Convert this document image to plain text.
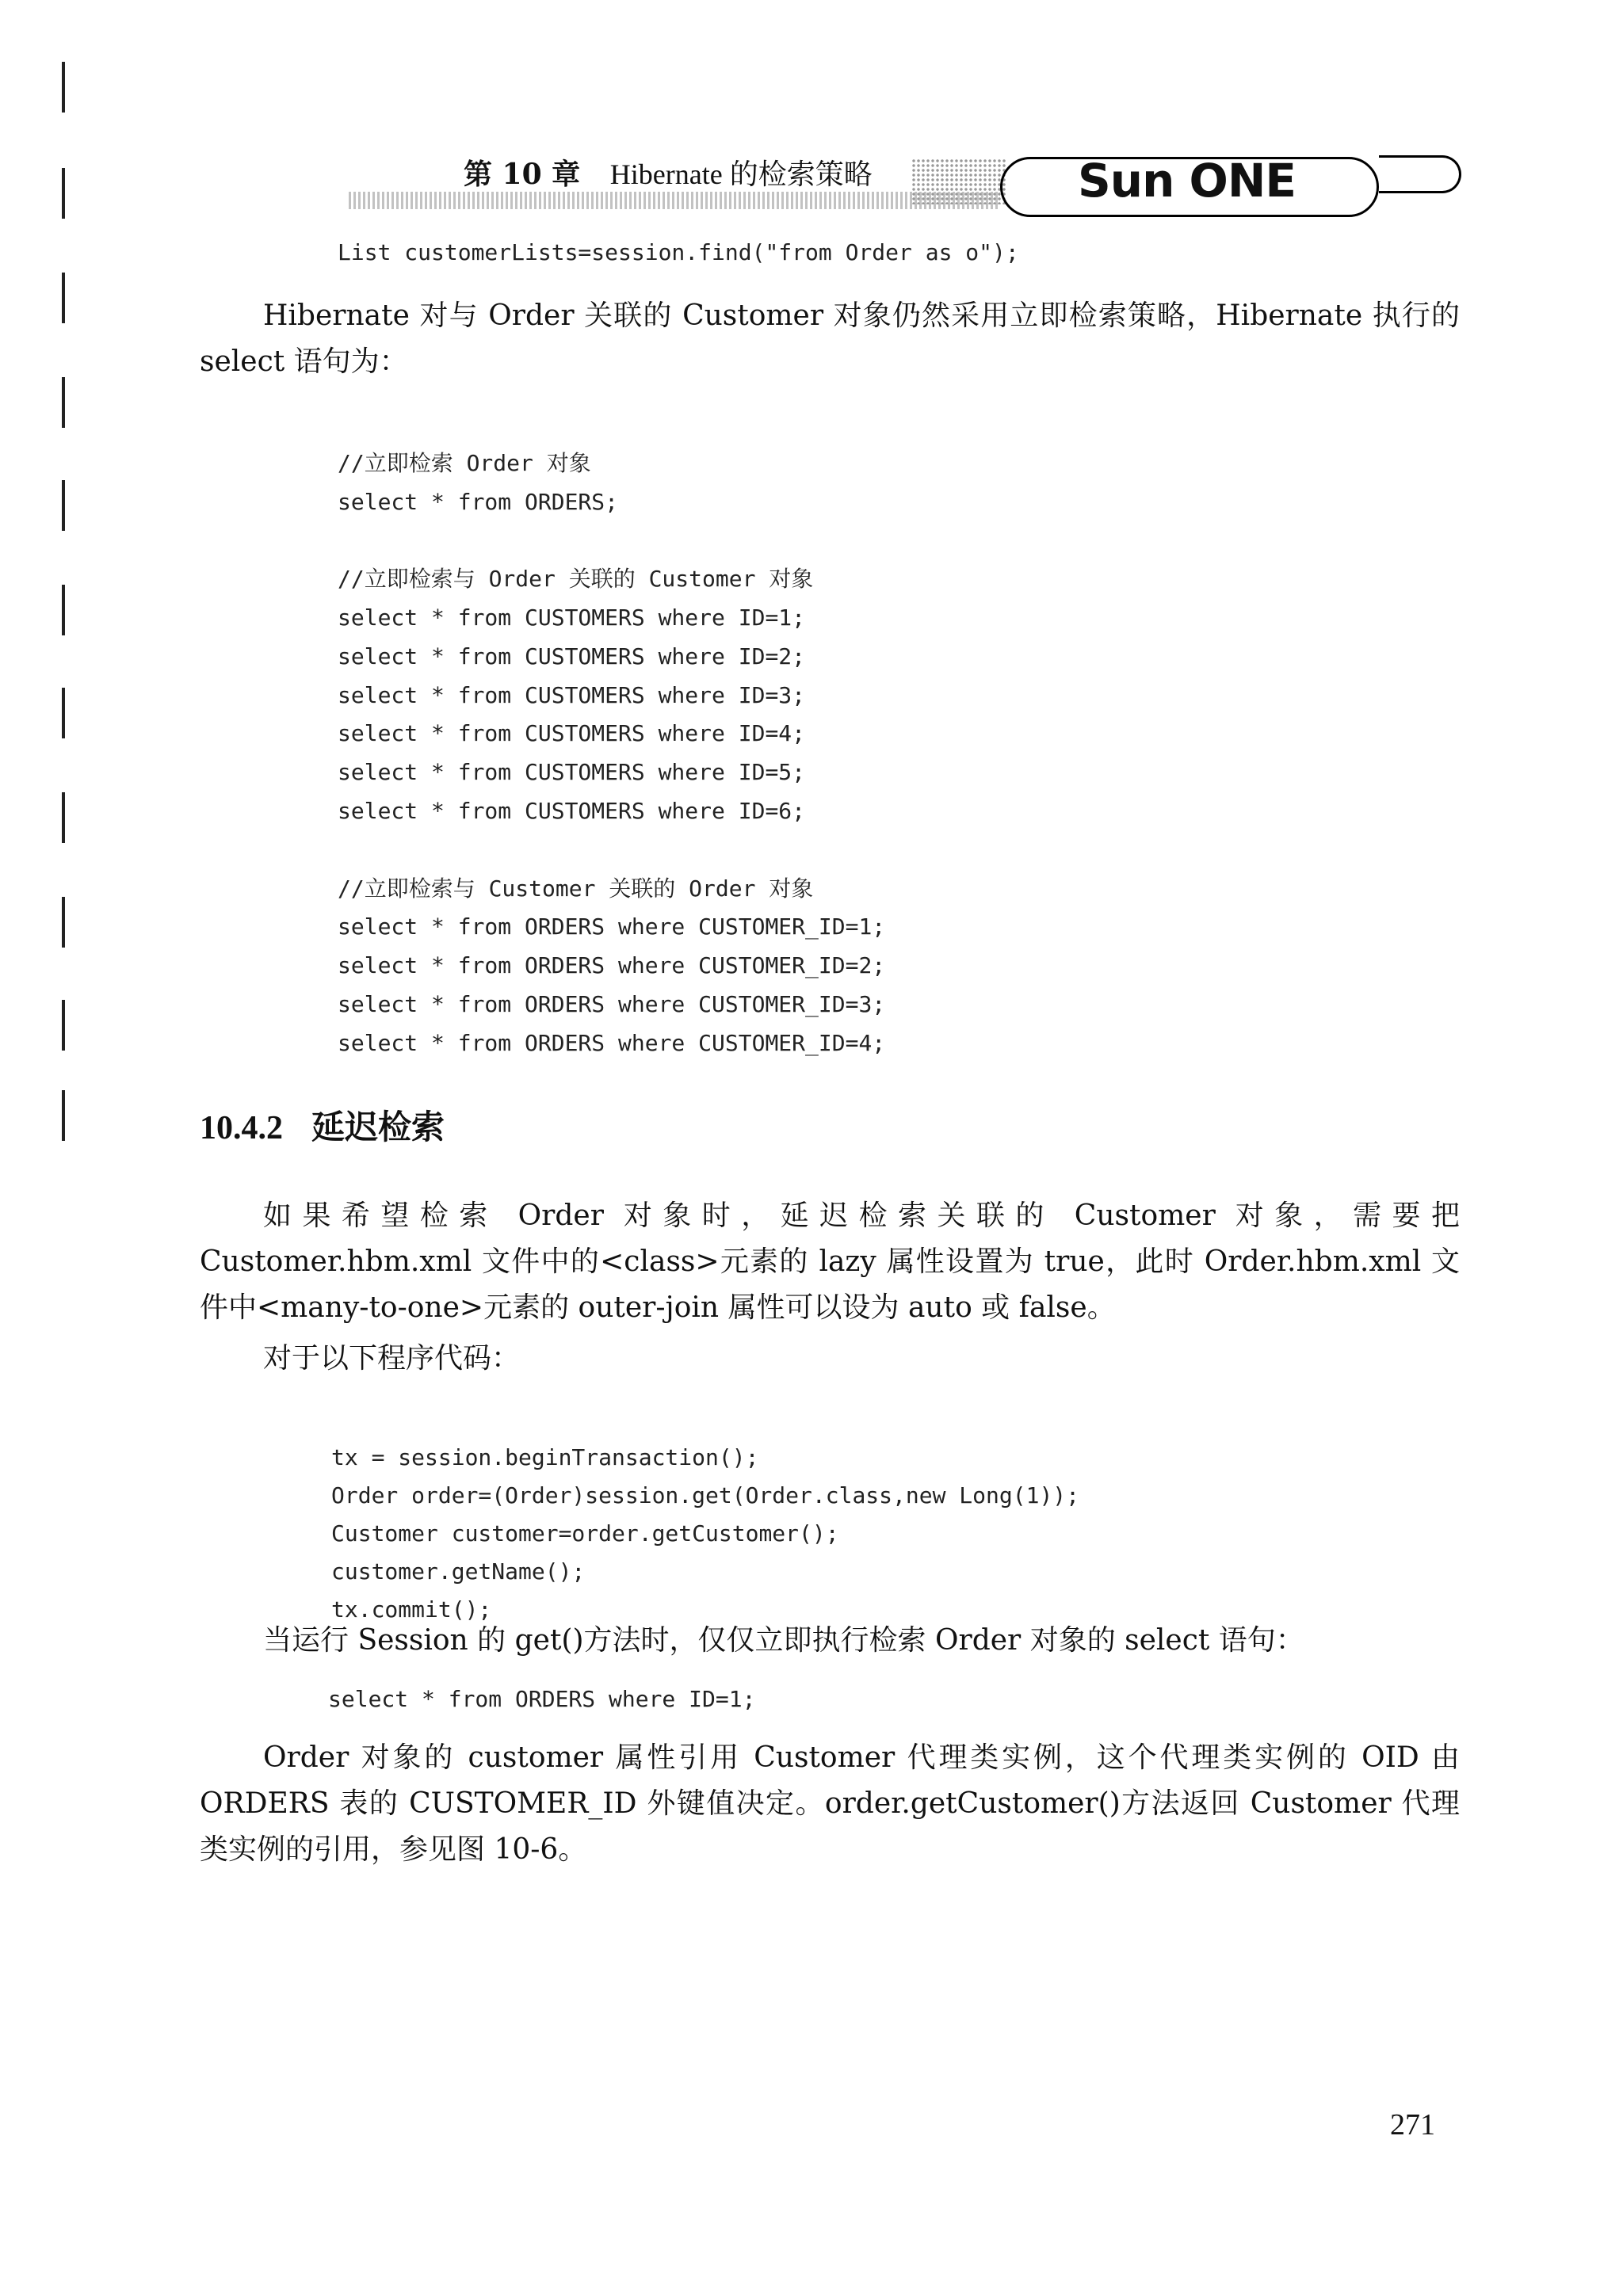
第 10 章 Hibernate 的检索策略	Sun ONE
List customerLists=session.find("from Order as o");
Hibernate 对与 Order 关联的 Customer 对象仍然采用立即检索策略，Hibernate 执行的 select 语句为：

//立即检索 Order 对象
select * from ORDERS;

//立即检索与 Order 关联的 Customer 对象
select * from CUSTOMERS where ID=1;
select * from CUSTOMERS where ID=2;
select * from CUSTOMERS where ID=3;
select * from CUSTOMERS where ID=4;
select * from CUSTOMERS where ID=5;
select * from CUSTOMERS where ID=6;

//立即检索与 Customer 关联的 Order 对象
select * from ORDERS where CUSTOMER_ID=1;
select * from ORDERS where CUSTOMER_ID=2;
select * from ORDERS where CUSTOMER_ID=3;
select * from ORDERS where CUSTOMER_ID=4;

10.4.2 延迟检索
如果希望检索 Order 对象时，延迟检索关联的 Customer 对象，需要把 Customer.hbm.xml 文件中的<class>元素的 lazy 属性设置为 true，此时 Order.hbm.xml 文件中<many-to-one>元素的 outer-join 属性可以设为 auto 或 false。
对于以下程序代码：

tx = session.beginTransaction();
Order order=(Order)session.get(Order.class,new Long(1));
Customer customer=order.getCustomer();
customer.getName();
tx.commit();

当运行 Session 的 get()方法时，仅仅立即执行检索 Order 对象的 select 语句：
select * from ORDERS where ID=1;
Order 对象的 customer 属性引用 Customer 代理类实例，这个代理类实例的 OID 由 ORDERS 表的 CUSTOMER_ID 外键值决定。order.getCustomer()方法返回 Customer 代理类实例的引用，参见图 10-6。
271
